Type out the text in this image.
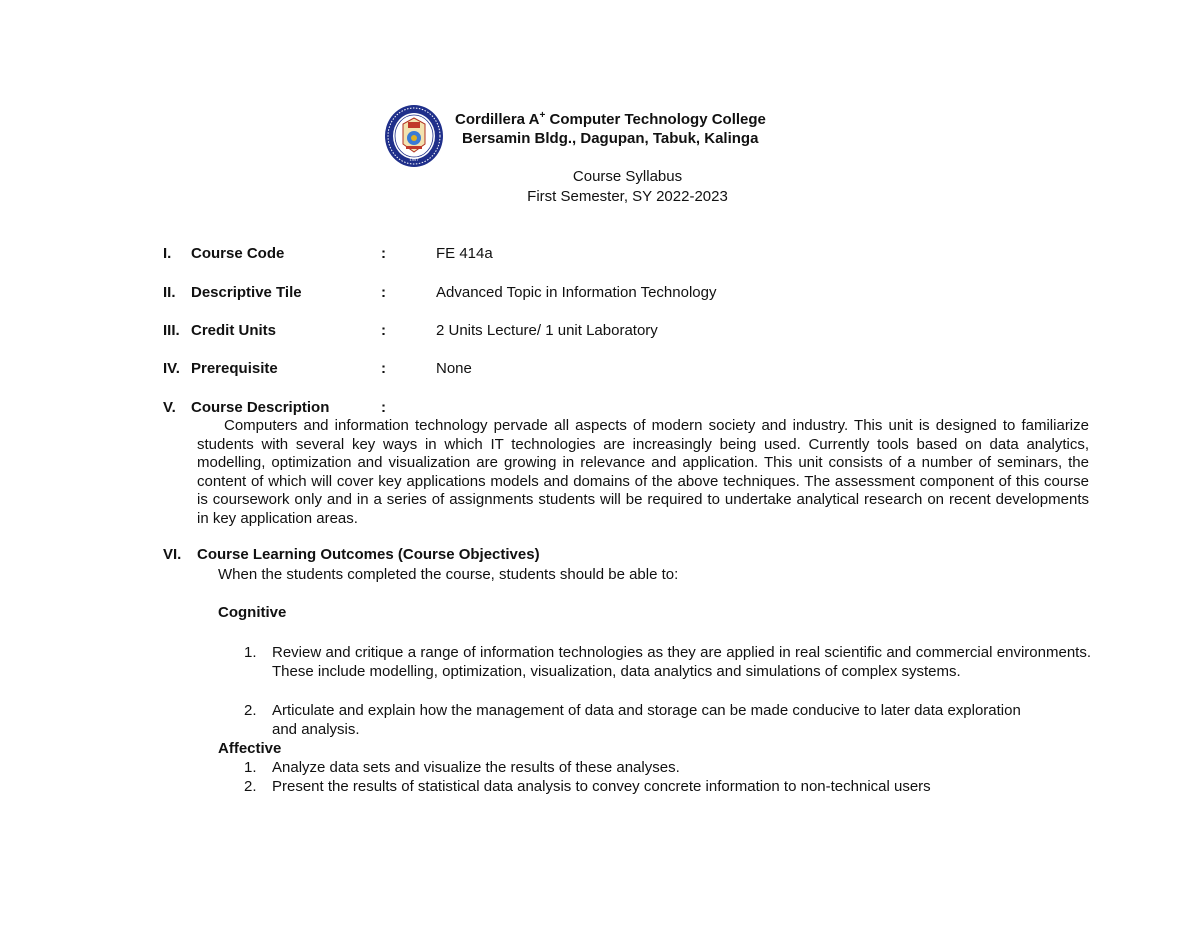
1997
Cordillera A+ Computer Technology College
Bersamin Bldg., Dagupan, Tabuk, Kalinga
Course Syllabus
First Semester, SY 2022-2023
I. Course Code	:	FE 414a
II. Descriptive Tile	:	Advanced Topic in Information Technology
III. Credit Units	:	2 Units Lecture/ 1 unit Laboratory
IV. Prerequisite	:	None
V. Course Description	:
Computers and information technology pervade all aspects of modern society and industry. This unit is designed to familiarize students with several key ways in which IT technologies are increasingly being used. Currently tools based on data analytics, modelling, optimization and visualization are growing in relevance and application. This unit consists of a number of seminars, the content of which will cover key applications models and domains of the above techniques. The assessment component of this course is coursework only and in a series of assignments students will be required to undertake analytical research on recent developments in key application areas.
VI. Course Learning Outcomes (Course Objectives)
When the students completed the course, students should be able to:
Cognitive
1. Review and critique a range of information technologies as they are applied in real scientific and commercial environments. These include modelling, optimization, visualization, data analytics and simulations of complex systems.
2. Articulate and explain how the management of data and storage can be made conducive to later data exploration and analysis.
Affective
1. Analyze data sets and visualize the results of these analyses.
2. Present the results of statistical data analysis to convey concrete information to non-technical users
